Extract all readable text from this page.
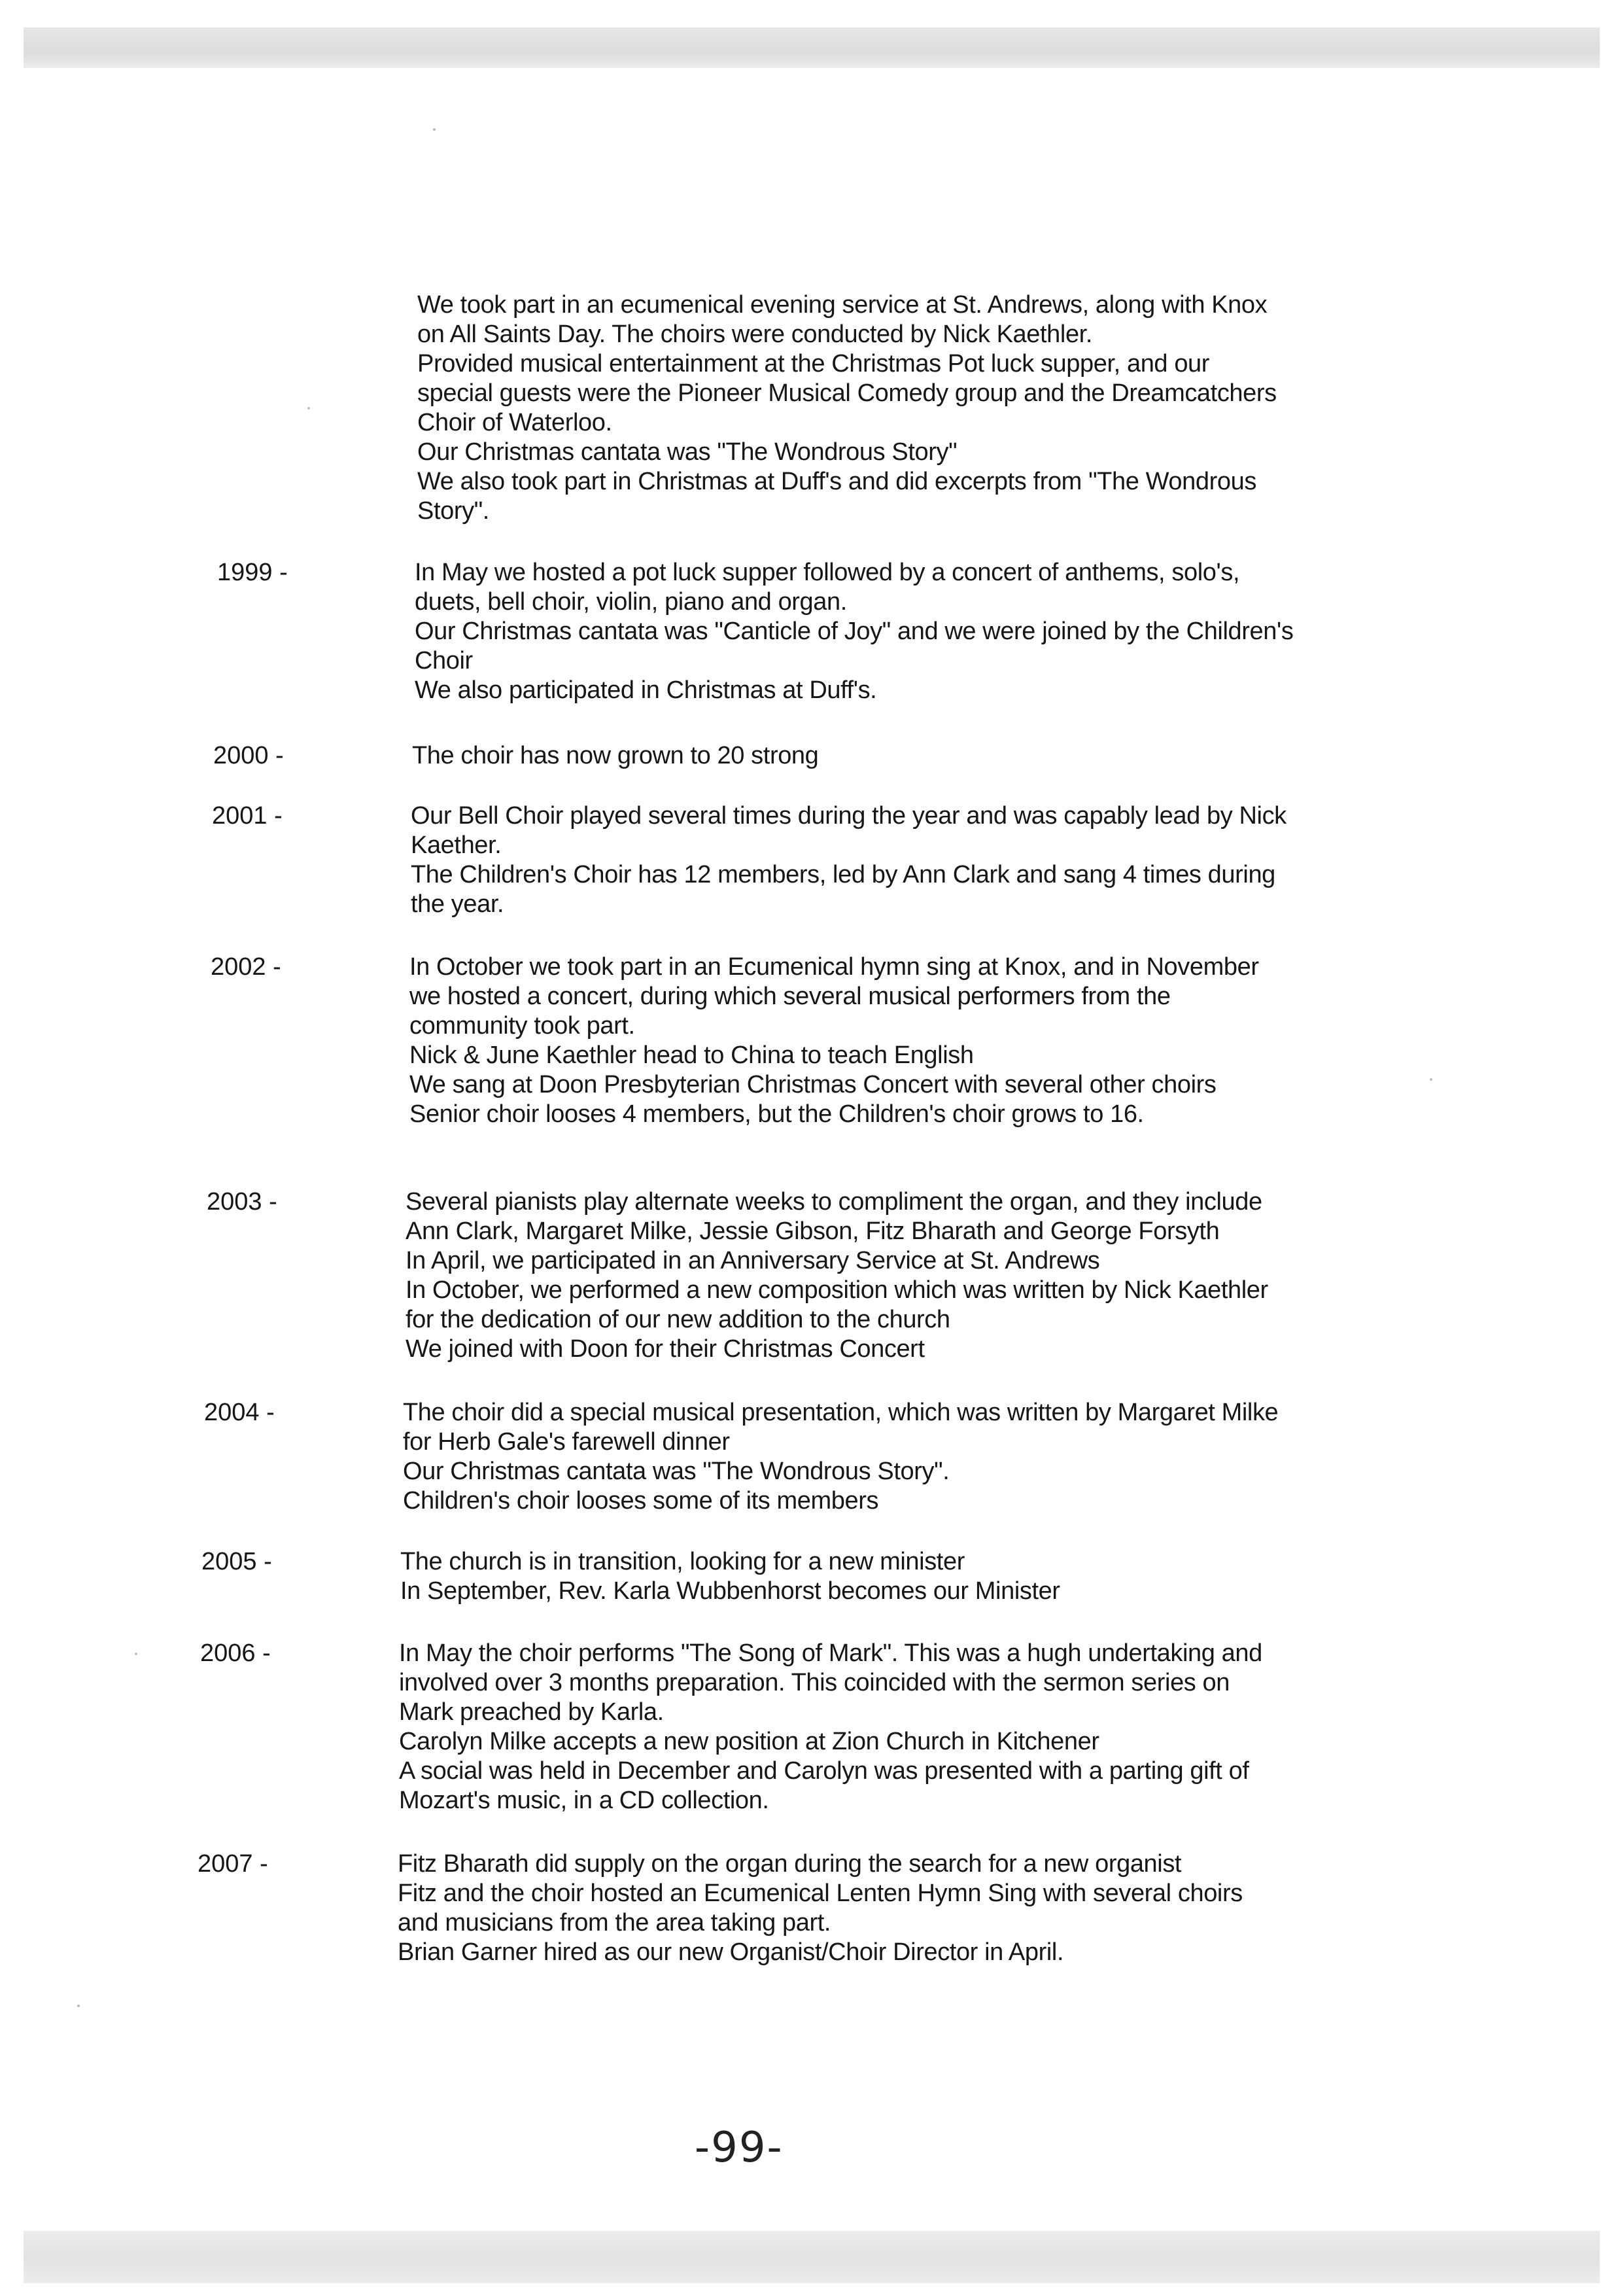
We took part in an ecumenical evening service at St. Andrews, along with Knox
on All Saints Day. The choirs were conducted by Nick Kaethler.
Provided musical entertainment at the Christmas Pot luck supper, and our
special guests were the Pioneer Musical Comedy group and the Dreamcatchers
Choir of Waterloo.
Our Christmas cantata was "The Wondrous Story"
We also took part in Christmas at Duff's and did excerpts from "The Wondrous
Story".
1999 -	In May we hosted a pot luck supper followed by a concert of anthems, solo's,
duets, bell choir, violin, piano and organ.
Our Christmas cantata was "Canticle of Joy" and we were joined by the Children's
Choir
We also participated in Christmas at Duff's.
2000 -	The choir has now grown to 20 strong
2001 -	Our Bell Choir played several times during the year and was capably lead by Nick
Kaether.
The Children's Choir has 12 members, led by Ann Clark and sang 4 times during
the year.
2002 -	In October we took part in an Ecumenical hymn sing at Knox, and in November
we hosted a concert, during which several musical performers from the
community took part.
Nick & June Kaethler head to China to teach English
We sang at Doon Presbyterian Christmas Concert with several other choirs
Senior choir looses 4 members, but the Children's choir grows to 16.
2003 -	Several pianists play alternate weeks to compliment the organ, and they include
Ann Clark, Margaret Milke, Jessie Gibson, Fitz Bharath and George Forsyth
In April, we participated in an Anniversary Service at St. Andrews
In October, we performed a new composition which was written by Nick Kaethler
for the dedication of our new addition to the church
We joined with Doon for their Christmas Concert
2004 -	The choir did a special musical presentation, which was written by Margaret Milke
for Herb Gale's farewell dinner
Our Christmas cantata was "The Wondrous Story".
Children's choir looses some of its members
2005 -	The church is in transition, looking for a new minister
In September, Rev. Karla Wubbenhorst becomes our Minister
2006 -	In May the choir performs "The Song of Mark". This was a hugh undertaking and
involved over 3 months preparation. This coincided with the sermon series on
Mark preached by Karla.
Carolyn Milke accepts a new position at Zion Church in Kitchener
A social was held in December and Carolyn was presented with a parting gift of
Mozart's music, in a CD collection.
2007 -	Fitz Bharath did supply on the organ during the search for a new organist
Fitz and the choir hosted an Ecumenical Lenten Hymn Sing with several choirs
and musicians from the area taking part.
Brian Garner hired as our new Organist/Choir Director in April.
-99-
